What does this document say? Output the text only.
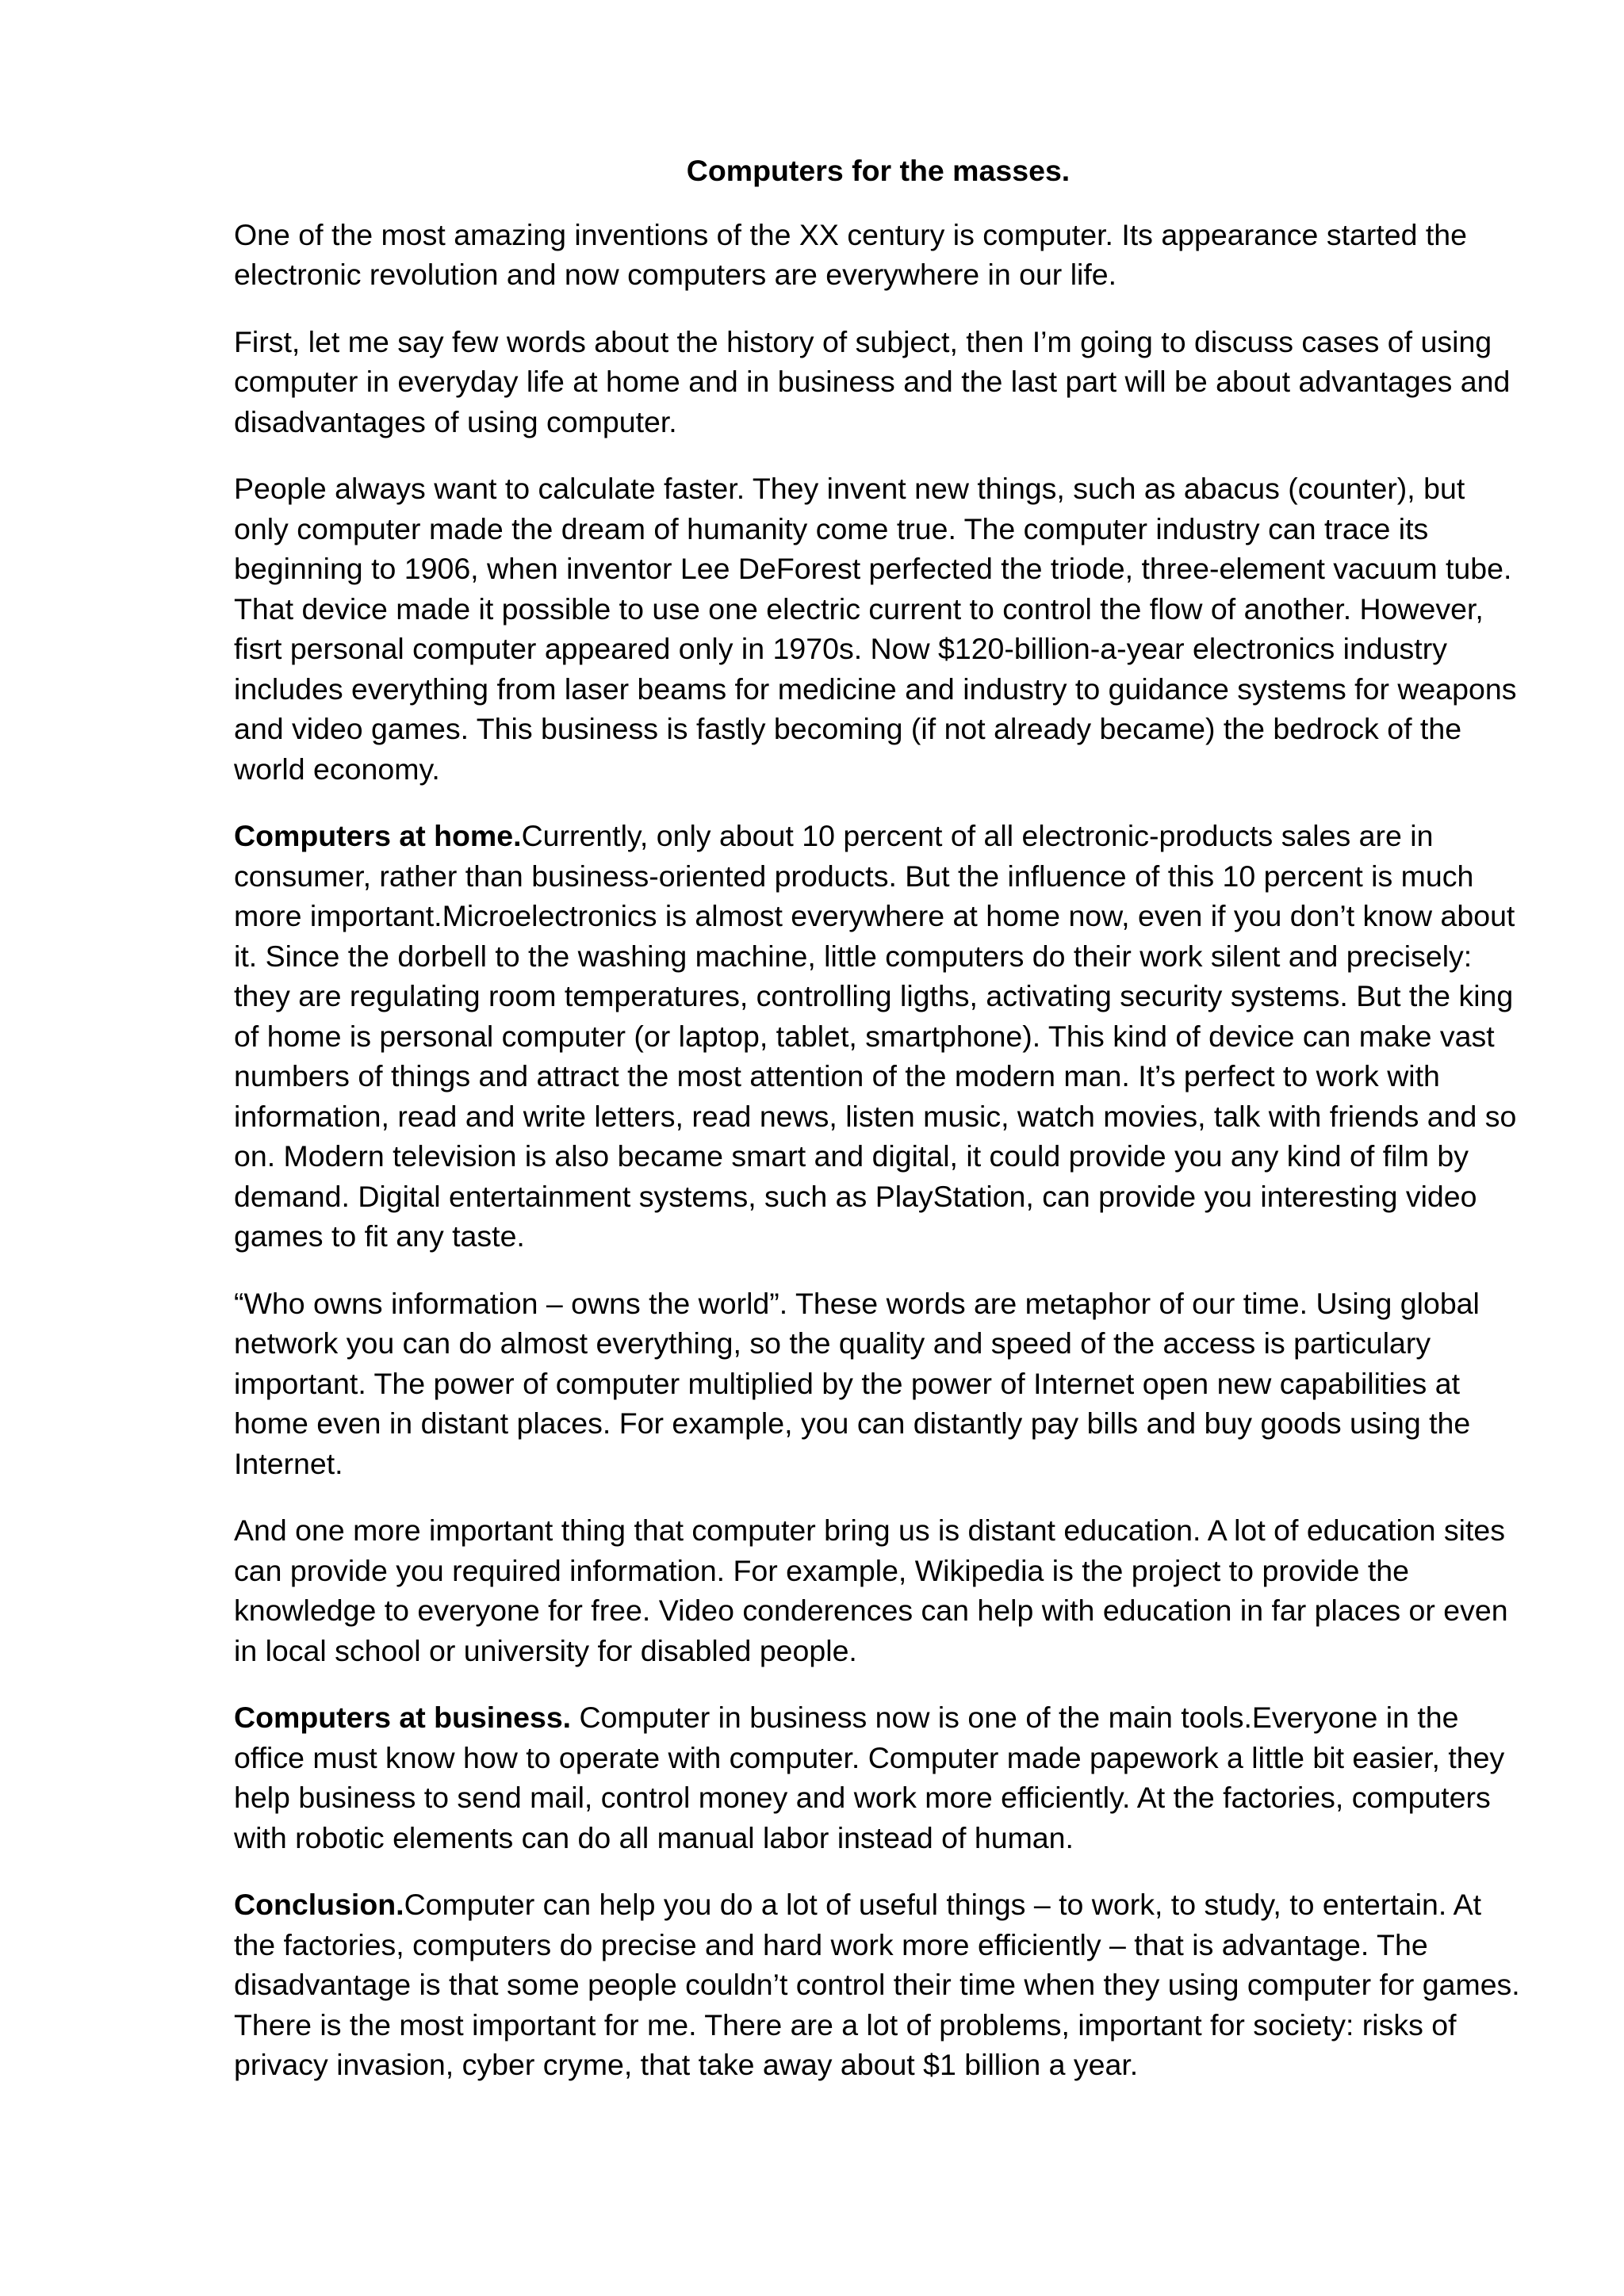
Computers for the masses.

One of the most amazing inventions of the XX century is computer. Its appearance started the electronic revolution and now computers are everywhere in our life.

First, let me say few words about the history of subject, then I’m going to discuss cases of using computer in everyday life at home and in business and the last part will be about advantages and disadvantages of using computer.

People always want to calculate faster. They invent new things, such as abacus (counter), but only computer made the dream of humanity come true. The computer industry can trace its beginning to 1906, when inventor Lee DeForest perfected the triode, three-element vacuum tube. That device made it possible to use one electric current to control the flow of another. However, fisrt personal computer appeared only in 1970s. Now $120-billion-a-year electronics industry includes everything from laser beams for medicine and industry to guidance systems for weapons and video games. This business is fastly becoming (if not already became) the bedrock of the world economy.

Computers at home.Currently, only about 10 percent of all electronic-products sales are in consumer, rather than business-oriented products. But the influence of this 10 percent is much more important.Microelectronics is almost everywhere at home now, even if you don’t know about it. Since the dorbell to the washing machine, little computers do their work silent and precisely: they are regulating room temperatures, controlling ligths, activating security systems. But the king of home is personal computer (or laptop, tablet, smartphone). This kind of device can make vast numbers of things and attract the most attention of the modern man. It’s perfect to work with information, read and write letters, read news, listen music, watch movies, talk with friends and so on. Modern television is also became smart and digital, it could provide you any kind of film by demand. Digital entertainment systems, such as PlayStation, can provide you interesting video games to fit any taste.

“Who owns information – owns the world”. These words are metaphor of our time. Using global network you can do almost everything, so the quality and speed of the access is particulary important. The power of computer multiplied by the power of Internet open new capabilities at home even in distant places. For example, you can distantly pay bills and buy goods using the Internet.

And one more important thing that computer bring us is distant education. A lot of education sites can provide you required information. For example, Wikipedia is the project to provide the knowledge to everyone for free. Video conderences can help with education in far places or even in local school or university for disabled people.

Computers at business. Computer in business now is one of the main tools.Everyone in the office must know how to operate with computer. Computer made papework a little bit easier, they help business to send mail, control money and work more efficiently. At the factories, computers with robotic elements can do all manual labor instead of human.

Conclusion.Computer can help you do a lot of useful things – to work, to study, to entertain. At the factories, computers do precise and hard work more efficiently – that is advantage. The disadvantage is that some people couldn’t control their time when they using computer for games. There is the most important for me. There are a lot of problems, important for society: risks of privacy invasion, cyber cryme, that take away about $1 billion a year.
